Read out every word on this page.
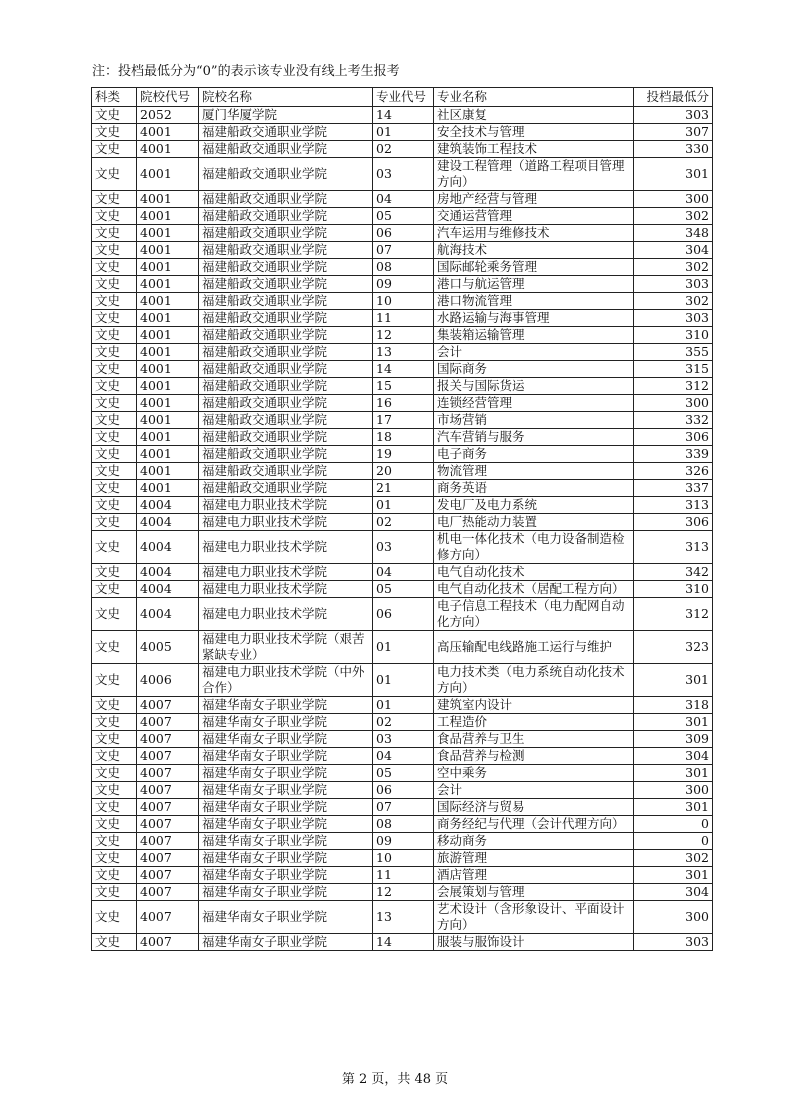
注：投档最低分为“0”的表示该专业没有线上考生报考
科类	院校代号	院校名称	专业代号	专业名称	投档最低分
文史	2052	厦门华厦学院	14	社区康复	303
文史	4001	福建船政交通职业学院	01	安全技术与管理	307
文史	4001	福建船政交通职业学院	02	建筑装饰工程技术	330
文史	4001	福建船政交通职业学院	03	建设工程管理（道路工程项目管理方向）	301
文史	4001	福建船政交通职业学院	04	房地产经营与管理	300
文史	4001	福建船政交通职业学院	05	交通运营管理	302
文史	4001	福建船政交通职业学院	06	汽车运用与维修技术	348
文史	4001	福建船政交通职业学院	07	航海技术	304
文史	4001	福建船政交通职业学院	08	国际邮轮乘务管理	302
文史	4001	福建船政交通职业学院	09	港口与航运管理	303
文史	4001	福建船政交通职业学院	10	港口物流管理	302
文史	4001	福建船政交通职业学院	11	水路运输与海事管理	303
文史	4001	福建船政交通职业学院	12	集装箱运输管理	310
文史	4001	福建船政交通职业学院	13	会计	355
文史	4001	福建船政交通职业学院	14	国际商务	315
文史	4001	福建船政交通职业学院	15	报关与国际货运	312
文史	4001	福建船政交通职业学院	16	连锁经营管理	300
文史	4001	福建船政交通职业学院	17	市场营销	332
文史	4001	福建船政交通职业学院	18	汽车营销与服务	306
文史	4001	福建船政交通职业学院	19	电子商务	339
文史	4001	福建船政交通职业学院	20	物流管理	326
文史	4001	福建船政交通职业学院	21	商务英语	337
文史	4004	福建电力职业技术学院	01	发电厂及电力系统	313
文史	4004	福建电力职业技术学院	02	电厂热能动力装置	306
文史	4004	福建电力职业技术学院	03	机电一体化技术（电力设备制造检修方向）	313
文史	4004	福建电力职业技术学院	04	电气自动化技术	342
文史	4004	福建电力职业技术学院	05	电气自动化技术（居配工程方向）	310
文史	4004	福建电力职业技术学院	06	电子信息工程技术（电力配网自动化方向）	312
文史	4005	福建电力职业技术学院（艰苦紧缺专业）	01	高压输配电线路施工运行与维护	323
文史	4006	福建电力职业技术学院（中外合作）	01	电力技术类（电力系统自动化技术方向）	301
文史	4007	福建华南女子职业学院	01	建筑室内设计	318
文史	4007	福建华南女子职业学院	02	工程造价	301
文史	4007	福建华南女子职业学院	03	食品营养与卫生	309
文史	4007	福建华南女子职业学院	04	食品营养与检测	304
文史	4007	福建华南女子职业学院	05	空中乘务	301
文史	4007	福建华南女子职业学院	06	会计	300
文史	4007	福建华南女子职业学院	07	国际经济与贸易	301
文史	4007	福建华南女子职业学院	08	商务经纪与代理（会计代理方向）	0
文史	4007	福建华南女子职业学院	09	移动商务	0
文史	4007	福建华南女子职业学院	10	旅游管理	302
文史	4007	福建华南女子职业学院	11	酒店管理	301
文史	4007	福建华南女子职业学院	12	会展策划与管理	304
文史	4007	福建华南女子职业学院	13	艺术设计（含形象设计、平面设计方向）	300
文史	4007	福建华南女子职业学院	14	服装与服饰设计	303
第 2 页，共 48 页
